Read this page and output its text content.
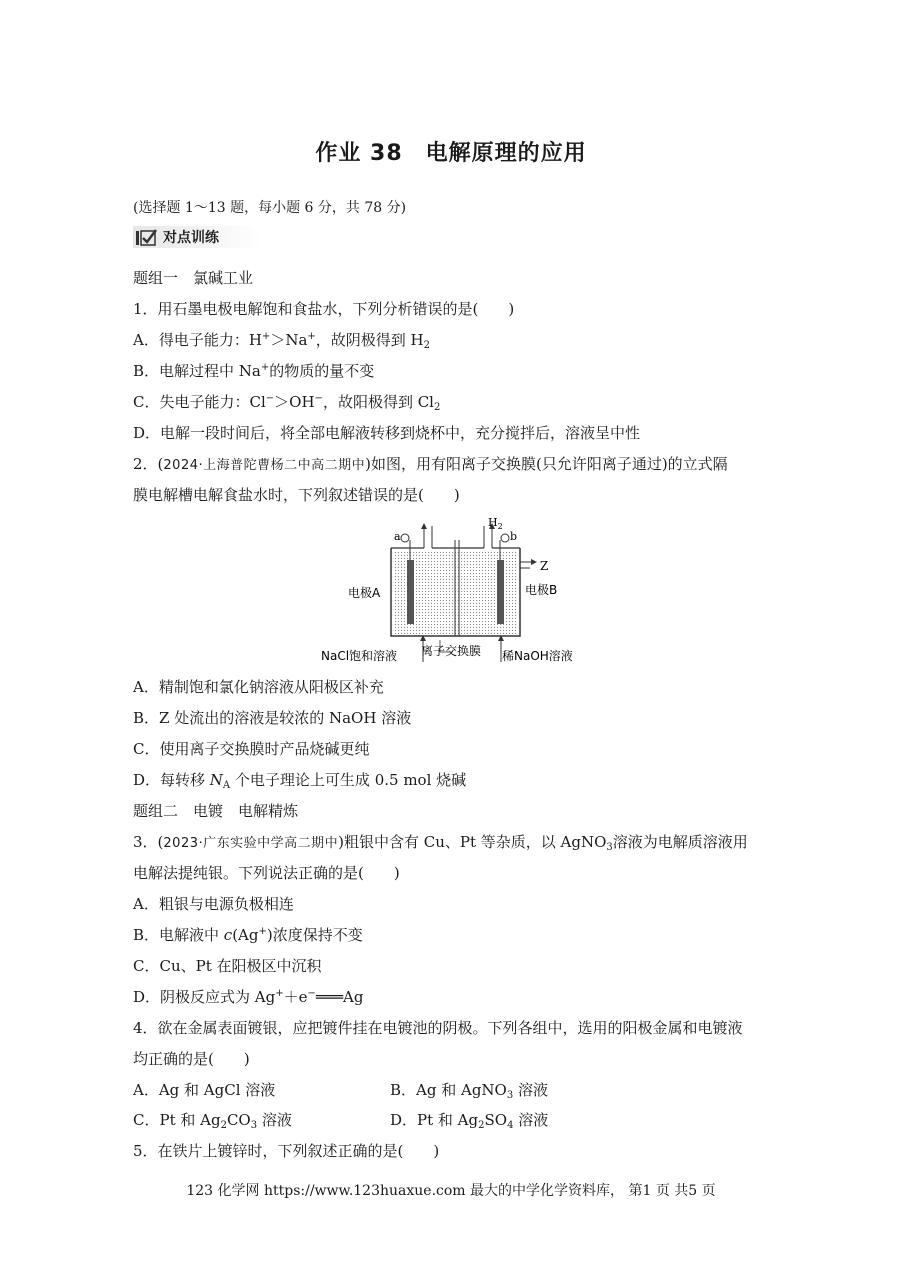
作业 38　电解原理的应用
(选择题 1～13 题，每小题 6 分，共 78 分)
对点训练
题组一　氯碱工业
1．用石墨电极电解饱和食盐水，下列分析错误的是(　　)
A．得电子能力：H+＞Na+，故阴极得到 $H_2$
B．电解过程中 Na+的物质的量不变
C．失电子能力：Cl−＞OH−，故阳极得到 $Cl_2$
D．电解一段时间后，将全部电解液转移到烧杯中，充分搅拌后，溶液呈中性
2．(2024·上海普陀曹杨二中高二期中)如图，用有阳离子交换膜(只允许阳离子通过)的立式隔
膜电解槽电解食盐水时，下列叙述错误的是(　　)
$H_2$
a	b
Z
电极A	电极B
NaCl饱和溶液 离子交换膜 稀NaOH溶液
A．精制饱和氯化钠溶液从阳极区补充
B．Z 处流出的溶液是较浓的 NaOH 溶液
C．使用离子交换膜时产品烧碱更纯
D．每转移 $N_A$ 个电子理论上可生成 0.5 mol 烧碱
题组二　电镀　电解精炼
3．(2023·广东实验中学高二期中)粗银中含有 Cu、Pt 等杂质，以 AgNO$_3$溶液为电解质溶液用
电解法提纯银。下列说法正确的是(　　)
A．粗银与电源负极相连
B．电解液中 c(Ag+)浓度保持不变
C．Cu、Pt 在阳极区中沉积
D．阴极反应式为 Ag+＋e−═══Ag
4．欲在金属表面镀银，应把镀件挂在电镀池的阴极。下列各组中，选用的阳极金属和电镀液
均正确的是(　　)
A．Ag 和 AgCl 溶液	B．Ag 和 AgNO$_3$ 溶液
C．Pt 和 $Ag_2CO_3$ 溶液	D．Pt 和 $Ag_2SO_4$ 溶液
5．在铁片上镀锌时，下列叙述正确的是(　　)
123 化学网 https://www.123huaxue.com 最大的中学化学资料库， 第1 页 共5 页
